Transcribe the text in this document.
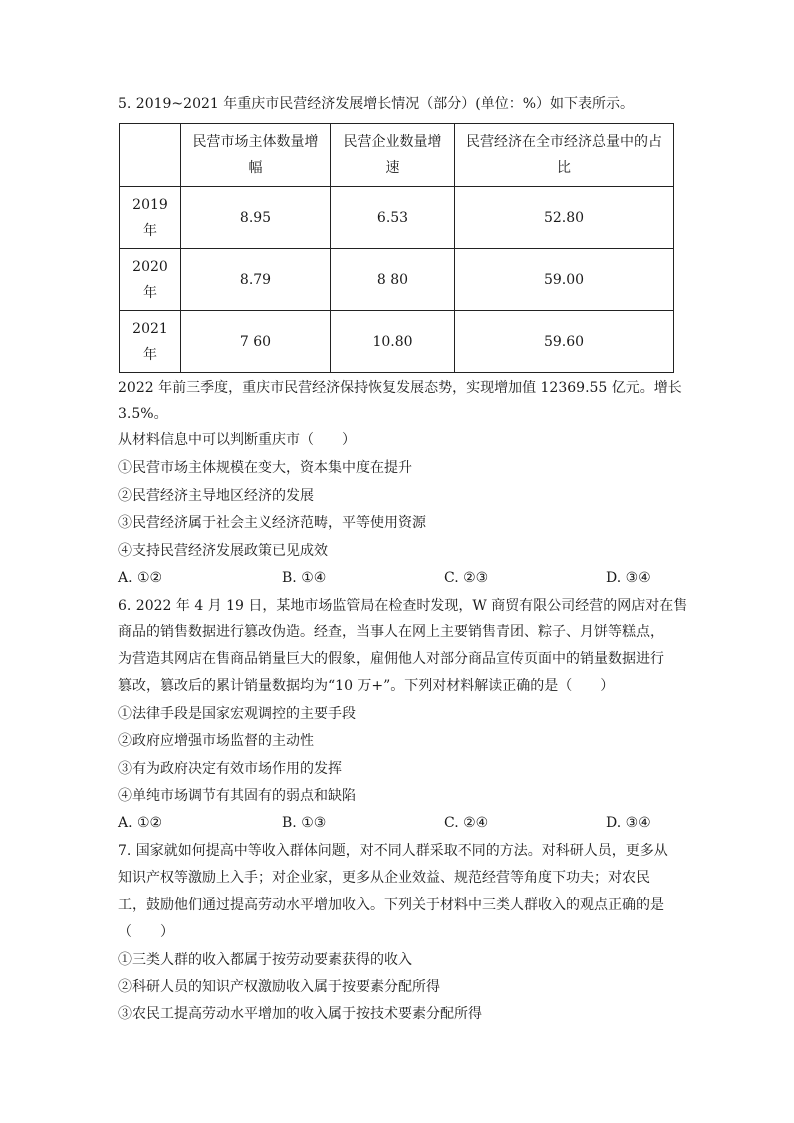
5. 2019~2021 年重庆市民营经济发展增长情况（部分）(单位：%）如下表所示。
	民营市场主体数量增幅	民营企业数量增速	民营经济在全市经济总量中的占比
2019年	8.95	6.53	52.80
2020年	8.79	8 80	59.00
2021年	7 60	10.80	59.60
2022 年前三季度，重庆市民营经济保持恢复发展态势，实现增加值 12369.55 亿元。增长
3.5%。
从材料信息中可以判断重庆市（　　）
①民营市场主体规模在变大，资本集中度在提升
②民营经济主导地区经济的发展
③民营经济属于社会主义经济范畴，平等使用资源
④支持民营经济发展政策已见成效
A. ①②	B. ①④	C. ②③	D. ③④
6. 2022 年 4 月 19 日，某地市场监管局在检查时发现，W 商贸有限公司经营的网店对在售
商品的销售数据进行篡改伪造。经查，当事人在网上主要销售青团、粽子、月饼等糕点，
为营造其网店在售商品销量巨大的假象，雇佣他人对部分商品宣传页面中的销量数据进行
篡改，篡改后的累计销量数据均为“10 万+”。下列对材料解读正确的是（　　）
①法律手段是国家宏观调控的主要手段
②政府应增强市场监督的主动性
③有为政府决定有效市场作用的发挥
④单纯市场调节有其固有的弱点和缺陷
A. ①②	B. ①③	C. ②④	D. ③④
7. 国家就如何提高中等收入群体问题，对不同人群采取不同的方法。对科研人员，更多从
知识产权等激励上入手；对企业家，更多从企业效益、规范经营等角度下功夫；对农民
工，鼓励他们通过提高劳动水平增加收入。下列关于材料中三类人群收入的观点正确的是
（　　）
①三类人群的收入都属于按劳动要素获得的收入
②科研人员的知识产权激励收入属于按要素分配所得
③农民工提高劳动水平增加的收入属于按技术要素分配所得
